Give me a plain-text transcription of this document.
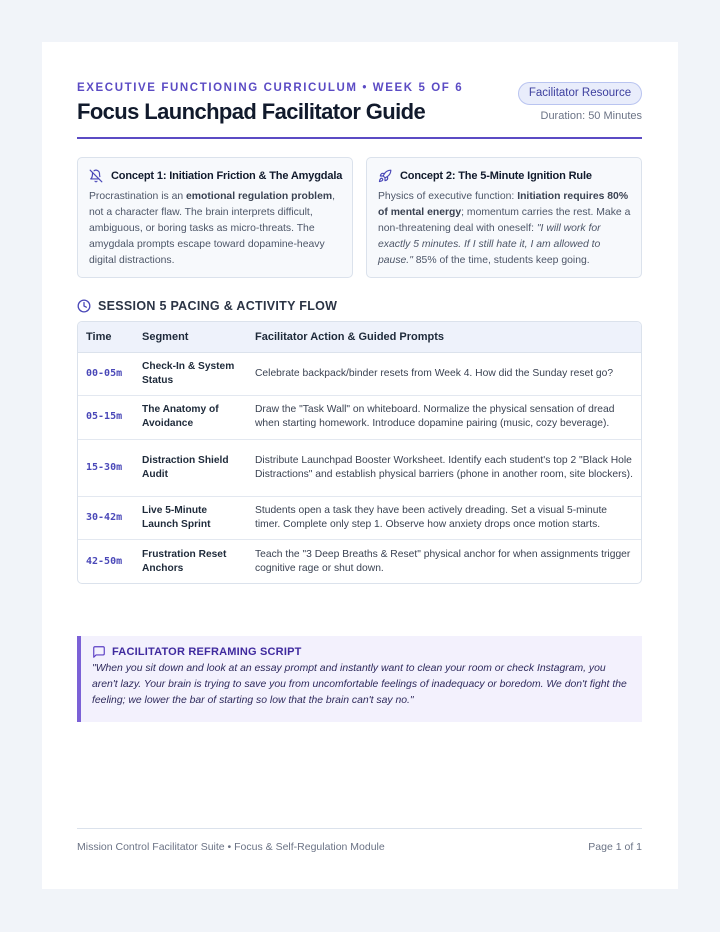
EXECUTIVE FUNCTIONING CURRICULUM • WEEK 5 OF 6
Focus Launchpad Facilitator Guide
Facilitator Resource
Duration: 50 Minutes
Concept 1: Initiation Friction & The Amygdala
Procrastination is an emotional regulation problem, not a character flaw. The brain interprets difficult, ambiguous, or boring tasks as micro-threats. The amygdala prompts escape toward dopamine-heavy digital distractions.
Concept 2: The 5-Minute Ignition Rule
Physics of executive function: Initiation requires 80% of mental energy; momentum carries the rest. Make a non-threatening deal with oneself: "I will work for exactly 5 minutes. If I still hate it, I am allowed to pause." 85% of the time, students keep going.
SESSION 5 PACING & ACTIVITY FLOW
Time	Segment	Facilitator Action & Guided Prompts
00-05m	Check-In & System Status	Celebrate backpack/binder resets from Week 4. How did the Sunday reset go?
05-15m	The Anatomy of Avoidance	Draw the "Task Wall" on whiteboard. Normalize the physical sensation of dread when starting homework. Introduce dopamine pairing (music, cozy beverage).
15-30m	Distraction Shield Audit	Distribute Launchpad Booster Worksheet. Identify each student's top 2 "Black Hole Distractions" and establish physical barriers (phone in another room, site blockers).
30-42m	Live 5-Minute Launch Sprint	Students open a task they have been actively dreading. Set a visual 5-minute timer. Complete only step 1. Observe how anxiety drops once motion starts.
42-50m	Frustration Reset Anchors	Teach the "3 Deep Breaths & Reset" physical anchor for when assignments trigger cognitive rage or shut down.
FACILITATOR REFRAMING SCRIPT
"When you sit down and look at an essay prompt and instantly want to clean your room or check Instagram, you aren't lazy. Your brain is trying to save you from uncomfortable feelings of inadequacy or boredom. We don't fight the feeling; we lower the bar of starting so low that the brain can't say no."
Mission Control Facilitator Suite • Focus & Self-Regulation Module	Page 1 of 1
